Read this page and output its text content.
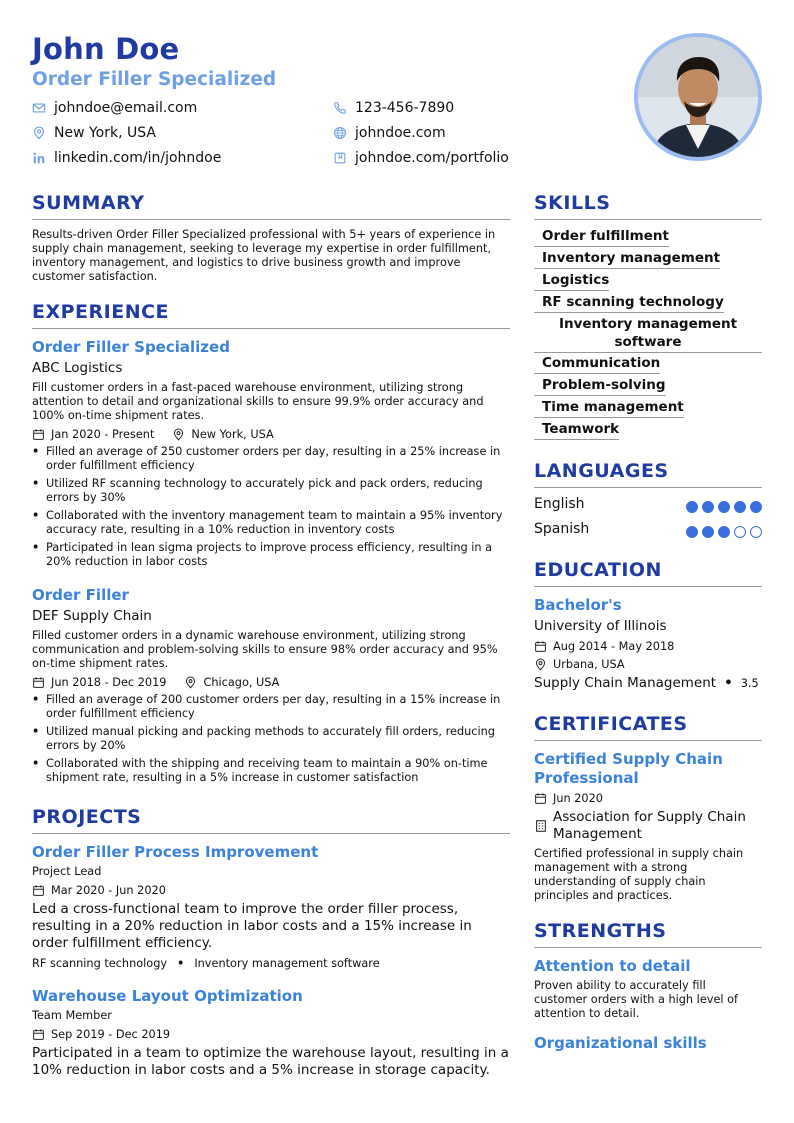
John Doe
Order Filler Specialized
johndoe@email.com
New York, USA
linkedin.com/in/johndoe
123-456-7890
johndoe.com
johndoe.com/portfolio
SUMMARY
Results-driven Order Filler Specialized professional with 5+ years of experience in supply chain management, seeking to leverage my expertise in order fulfillment, inventory management, and logistics to drive business growth and improve customer satisfaction.
EXPERIENCE
Order Filler Specialized
ABC Logistics
Fill customer orders in a fast-paced warehouse environment, utilizing strong attention to detail and organizational skills to ensure 99.9% order accuracy and 100% on-time shipment rates.
Jan 2020 - Present	New York, USA
• Filled an average of 250 customer orders per day, resulting in a 25% increase in order fulfillment efficiency
• Utilized RF scanning technology to accurately pick and pack orders, reducing errors by 30%
• Collaborated with the inventory management team to maintain a 95% inventory accuracy rate, resulting in a 10% reduction in inventory costs
• Participated in lean sigma projects to improve process efficiency, resulting in a 20% reduction in labor costs
Order Filler
DEF Supply Chain
Filled customer orders in a dynamic warehouse environment, utilizing strong communication and problem-solving skills to ensure 98% order accuracy and 95% on-time shipment rates.
Jun 2018 - Dec 2019	Chicago, USA
• Filled an average of 200 customer orders per day, resulting in a 15% increase in order fulfillment efficiency
• Utilized manual picking and packing methods to accurately fill orders, reducing errors by 20%
• Collaborated with the shipping and receiving team to maintain a 90% on-time shipment rate, resulting in a 5% increase in customer satisfaction
PROJECTS
Order Filler Process Improvement
Project Lead
Mar 2020 - Jun 2020
Led a cross-functional team to improve the order filler process, resulting in a 20% reduction in labor costs and a 15% increase in order fulfillment efficiency.
RF scanning technology • Inventory management software
Warehouse Layout Optimization
Team Member
Sep 2019 - Dec 2019
Participated in a team to optimize the warehouse layout, resulting in a 10% reduction in labor costs and a 5% increase in storage capacity.
SKILLS
Order fulfillment
Inventory management
Logistics
RF scanning technology
Inventory management software
Communication
Problem-solving
Time management
Teamwork
LANGUAGES
English
Spanish
EDUCATION
Bachelor's
University of Illinois
Aug 2014 - May 2018
Urbana, USA
Supply Chain Management • 3.5
CERTIFICATES
Certified Supply Chain Professional
Jun 2020
Association for Supply Chain Management
Certified professional in supply chain management with a strong understanding of supply chain principles and practices.
STRENGTHS
Attention to detail
Proven ability to accurately fill customer orders with a high level of attention to detail.
Organizational skills
